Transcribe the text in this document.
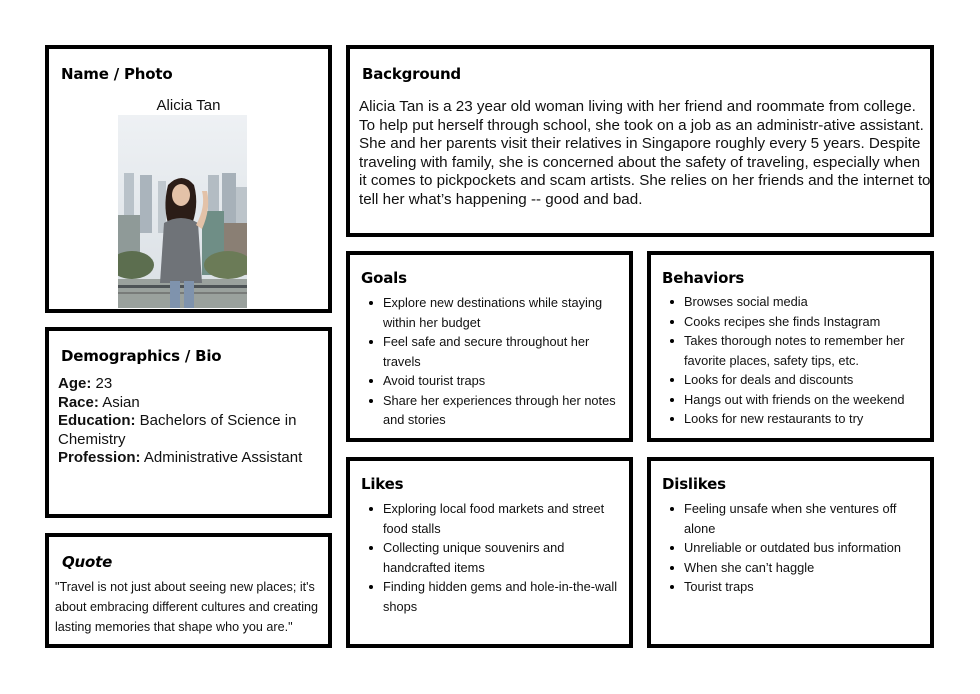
Name / Photo
Alicia Tan
Background
Alicia Tan is a 23 year old woman living with her friend and roommate from college. To help put herself through school, she took on a job as an administr-ative assistant. She and her parents visit their relatives in Singapore roughly every 5 years. Despite traveling with family, she is concerned about the safety of traveling, especially when it comes to pickpockets and scam artists. She relies on her friends and the internet to tell her what’s happening -- good and bad.
Demographics / Bio
Age: 23
Race: Asian
Education: Bachelors of Science in Chemistry
Profession: Administrative Assistant
Quote
"Travel is not just about seeing new places; it's about embracing different cultures and creating lasting memories that shape who you are."
Goals
Explore new destinations while staying within her budget
Feel safe and secure throughout her travels
Avoid tourist traps
Share her experiences through her notes and stories
Behaviors
Browses social media
Cooks recipes she finds Instagram
Takes thorough notes to remember her favorite places, safety tips, etc.
Looks for deals and discounts
Hangs out with friends on the weekend
Looks for new restaurants to try
Likes
Exploring local food markets and street food stalls
Collecting unique souvenirs and handcrafted items
Finding hidden gems and hole-in-the-wall shops
Dislikes
Feeling unsafe when she ventures off alone
Unreliable or outdated bus information
When she can’t haggle
Tourist traps
